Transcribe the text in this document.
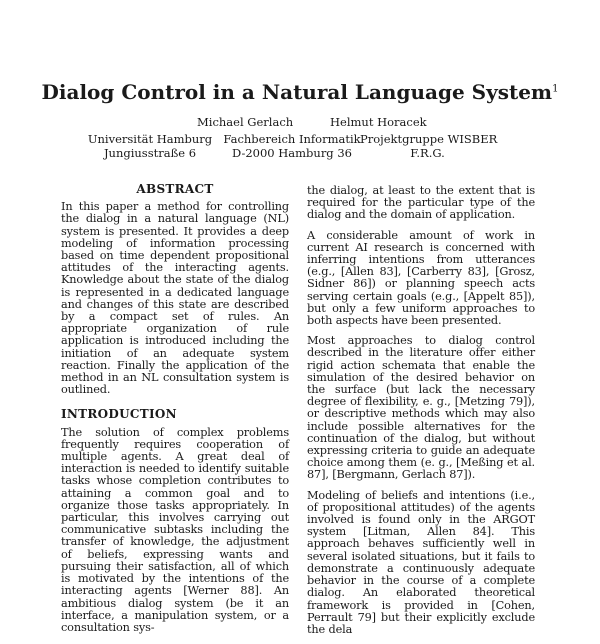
Dialog Control in a Natural Language System$^1$
Michael Gerlach	Helmut Horacek
Universität Hamburg
Jungiusstraße 6
Fachbereich Informatik
D-2000 Hamburg 36
Projektgruppe WISBER
F.R.G.
ABSTRACT

In this paper a method for controlling the dialog in a natural language (NL) system is presented. It provides a deep modeling of information processing based on time dependent propositional attitudes of the interacting agents. Knowledge about the state of the dialog is represented in a dedicated language and changes of this state are described by a compact set of rules. An appropriate organization of rule application is introduced including the initiation of an adequate system reaction. Finally the application of the method in an NL consultation system is outlined.

INTRODUCTION

The solution of complex problems frequently requires cooperation of multiple agents. A great deal of interaction is needed to identify suitable tasks whose completion contributes to attaining a common goal and to organize those tasks appropriately. In particular, this involves carrying out communicative subtasks including the transfer of knowledge, the adjustment of beliefs, expressing wants and pursuing their satisfaction, all of which is motivated by the intentions of the interacting agents [Werner 88]. An ambitious dialog system (be it an interface, a manipulation system, or a consultation sys-

the dialog, at least to the extent that is required for the particular type of the dialog and the domain of application.

A considerable amount of work in current AI research is concerned with inferring intentions from utterances (e.g., [Allen 83], [Carberry 83], [Grosz, Sidner 86]) or planning speech acts serving certain goals (e.g., [Appelt 85]), but only a few uniform approaches to both aspects have been presented.

Most approaches to dialog control described in the literature offer either rigid action schemata that enable the simulation of the desired behavior on the surface (but lack the necessary degree of flexibility, e. g., [Metzing 79]), or descriptive methods which may also include possible alternatives for the continuation of the dialog, but without expressing criteria to guide an adequate choice among them (e. g., [Meßing et al. 87], [Bergmann, Gerlach 87]).

Modeling of beliefs and intentions (i.e., of propositional attitudes) of the agents involved is found only in the ARGOT system [Litman, Allen 84]. This approach behaves sufficiently well in several isolated situations, but it fails to demonstrate a continuously adequate behavior in the course of a complete dialog. An elaborated theoretical framework is provided in [Cohen, Perrault 79] but their explicitly exclude the dela
